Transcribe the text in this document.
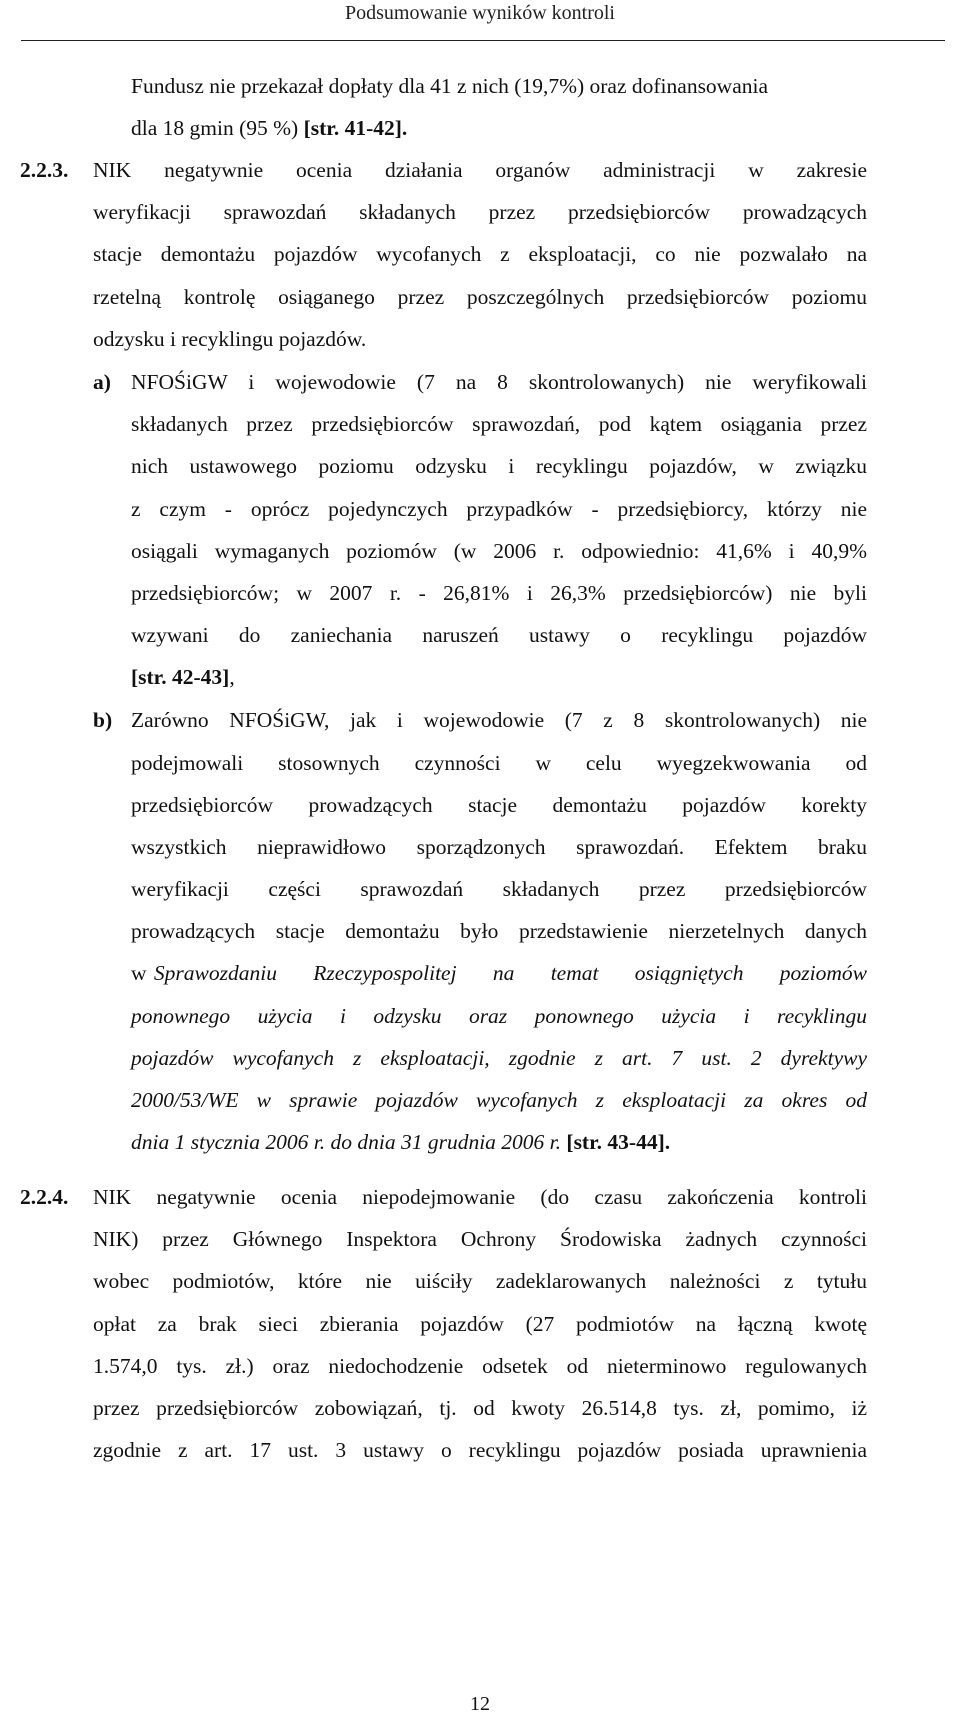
Podsumowanie wyników kontroli

Fundusz nie przekazał dopłaty dla 41 z nich (19,7%) oraz dofinansowania

dla 18 gmin (95 %) [str. 41-42].

2.2.3. NIK negatywnie ocenia działania organów administracji w zakresie

weryfikacji sprawozdań składanych przez przedsiębiorców prowadzących

stacje demontażu pojazdów wycofanych z eksploatacji, co nie pozwalało na

rzetelną kontrolę osiąganego przez poszczególnych przedsiębiorców poziomu

odzysku i recyklingu pojazdów.

a) NFOŚiGW i wojewodowie (7 na 8 skontrolowanych) nie weryfikowali

składanych przez przedsiębiorców sprawozdań, pod kątem osiągania przez

nich ustawowego poziomu odzysku i recyklingu pojazdów, w związku

z czym - oprócz pojedynczych przypadków - przedsiębiorcy, którzy nie

osiągali wymaganych poziomów (w 2006 r. odpowiednio: 41,6% i 40,9%

przedsiębiorców; w 2007 r. - 26,81% i 26,3% przedsiębiorców) nie byli

wzywani do zaniechania naruszeń ustawy o recyklingu pojazdów

[str. 42-43],

b) Zarówno NFOŚiGW, jak i wojewodowie (7 z 8 skontrolowanych) nie

podejmowali stosownych czynności w celu wyegzekwowania od

przedsiębiorców prowadzących stacje demontażu pojazdów korekty

wszystkich nieprawidłowo sporządzonych sprawozdań. Efektem braku

weryfikacji części sprawozdań składanych przez przedsiębiorców

prowadzących stacje demontażu było przedstawienie nierzetelnych danych

w Sprawozdaniu Rzeczypospolitej na temat osiągniętych poziomów

ponownego użycia i odzysku oraz ponownego użycia i recyklingu

pojazdów wycofanych z eksploatacji, zgodnie z art. 7 ust. 2 dyrektywy

2000/53/WE w sprawie pojazdów wycofanych z eksploatacji za okres od

dnia 1 stycznia 2006 r. do dnia 31 grudnia 2006 r. [str. 43-44].

2.2.4. NIK negatywnie ocenia niepodejmowanie (do czasu zakończenia kontroli

NIK) przez Głównego Inspektora Ochrony Środowiska żadnych czynności

wobec podmiotów, które nie uiściły zadeklarowanych należności z tytułu

opłat za brak sieci zbierania pojazdów (27 podmiotów na łączną kwotę

1.574,0 tys. zł.) oraz niedochodzenie odsetek od nieterminowo regulowanych

przez przedsiębiorców zobowiązań, tj. od kwoty 26.514,8 tys. zł, pomimo, iż

zgodnie z art. 17 ust. 3 ustawy o recyklingu pojazdów posiada uprawnienia

12
